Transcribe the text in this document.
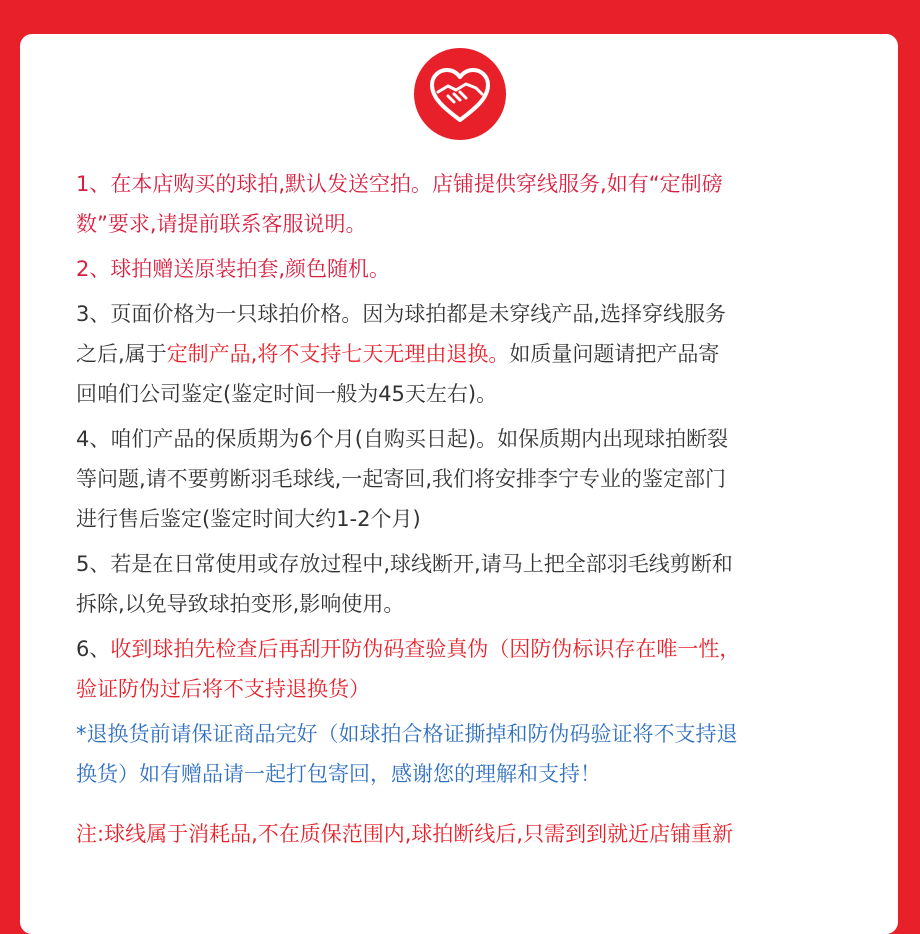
1、在本店购买的球拍,默认发送空拍。店铺提供穿线服务,如有“定制磅
数”要求,请提前联系客服说明。
2、球拍赠送原装拍套,颜色随机。
3、页面价格为一只球拍价格。因为球拍都是未穿线产品,选择穿线服务
之后,属于定制产品,将不支持七天无理由退换。如质量问题请把产品寄
回咱们公司鉴定(鉴定时间一般为45天左右)。
4、咱们产品的保质期为6个月(自购买日起)。如保质期内出现球拍断裂
等问题,请不要剪断羽毛球线,一起寄回,我们将安排李宁专业的鉴定部门
进行售后鉴定(鉴定时间大约1-2个月)
5、若是在日常使用或存放过程中,球线断开,请马上把全部羽毛线剪断和
拆除,以免导致球拍变形,影响使用。
6、收到球拍先检查后再刮开防伪码查验真伪（因防伪标识存在唯一性，
验证防伪过后将不支持退换货）
*退换货前请保证商品完好（如球拍合格证撕掉和防伪码验证将不支持退
换货）如有赠品请一起打包寄回，感谢您的理解和支持！
注:球线属于消耗品,不在质保范围内,球拍断线后,只需到到就近店铺重新
